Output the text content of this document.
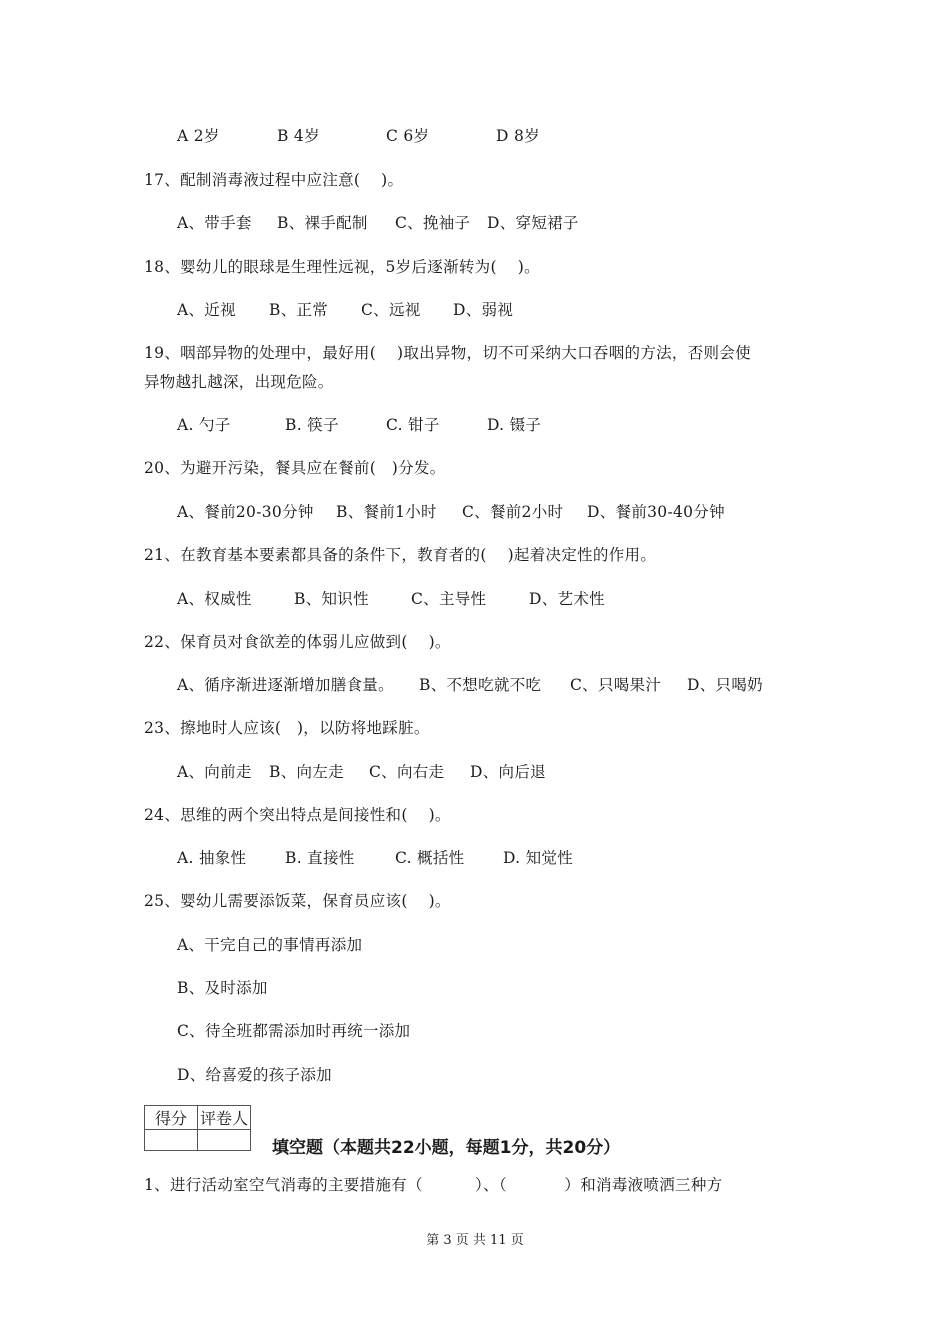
A 2岁	B 4岁	C 6岁	D 8岁
17、配制消毒液过程中应注意(    )。
A、带手套 B、裸手配制 C、挽袖子 D、穿短裙子
18、婴幼儿的眼球是生理性远视，5岁后逐渐转为(    )。
A、近视 B、正常 C、远视 D、弱视
19、咽部异物的处理中，最好用(    )取出异物，切不可采纳大口吞咽的方法，否则会使
异物越扎越深，出现危险。
A. 勺子	B. 筷子	C. 钳子	D. 镊子
20、为避开污染，餐具应在餐前(   )分发。
A、餐前20-30分钟 B、餐前1小时 C、餐前2小时 D、餐前30-40分钟
21、在教育基本要素都具备的条件下，教育者的(    )起着决定性的作用。
A、权威性	B、知识性	C、主导性	D、艺术性
22、保育员对食欲差的体弱儿应做到(    )。
A、循序渐进逐渐增加膳食量。 B、不想吃就不吃 C、只喝果汁 D、只喝奶
23、擦地时人应该(   )，以防将地踩脏。
A、向前走 B、向左走 C、向右走 D、向后退
24、思维的两个突出特点是间接性和(    )。
A. 抽象性 B. 直接性	C. 概括性 D. 知觉性
25、婴幼儿需要添饭菜，保育员应该(    )。
A、干完自己的事情再添加
B、及时添加
C、待全班都需添加时再统一添加
D、给喜爱的孩子添加
得分	评卷人

填空题（本题共22小题，每题1分，共20分）
1、进行活动室空气消毒的主要措施有（          ）、（           ）和消毒液喷洒三种方
第 3 页 共 11 页
